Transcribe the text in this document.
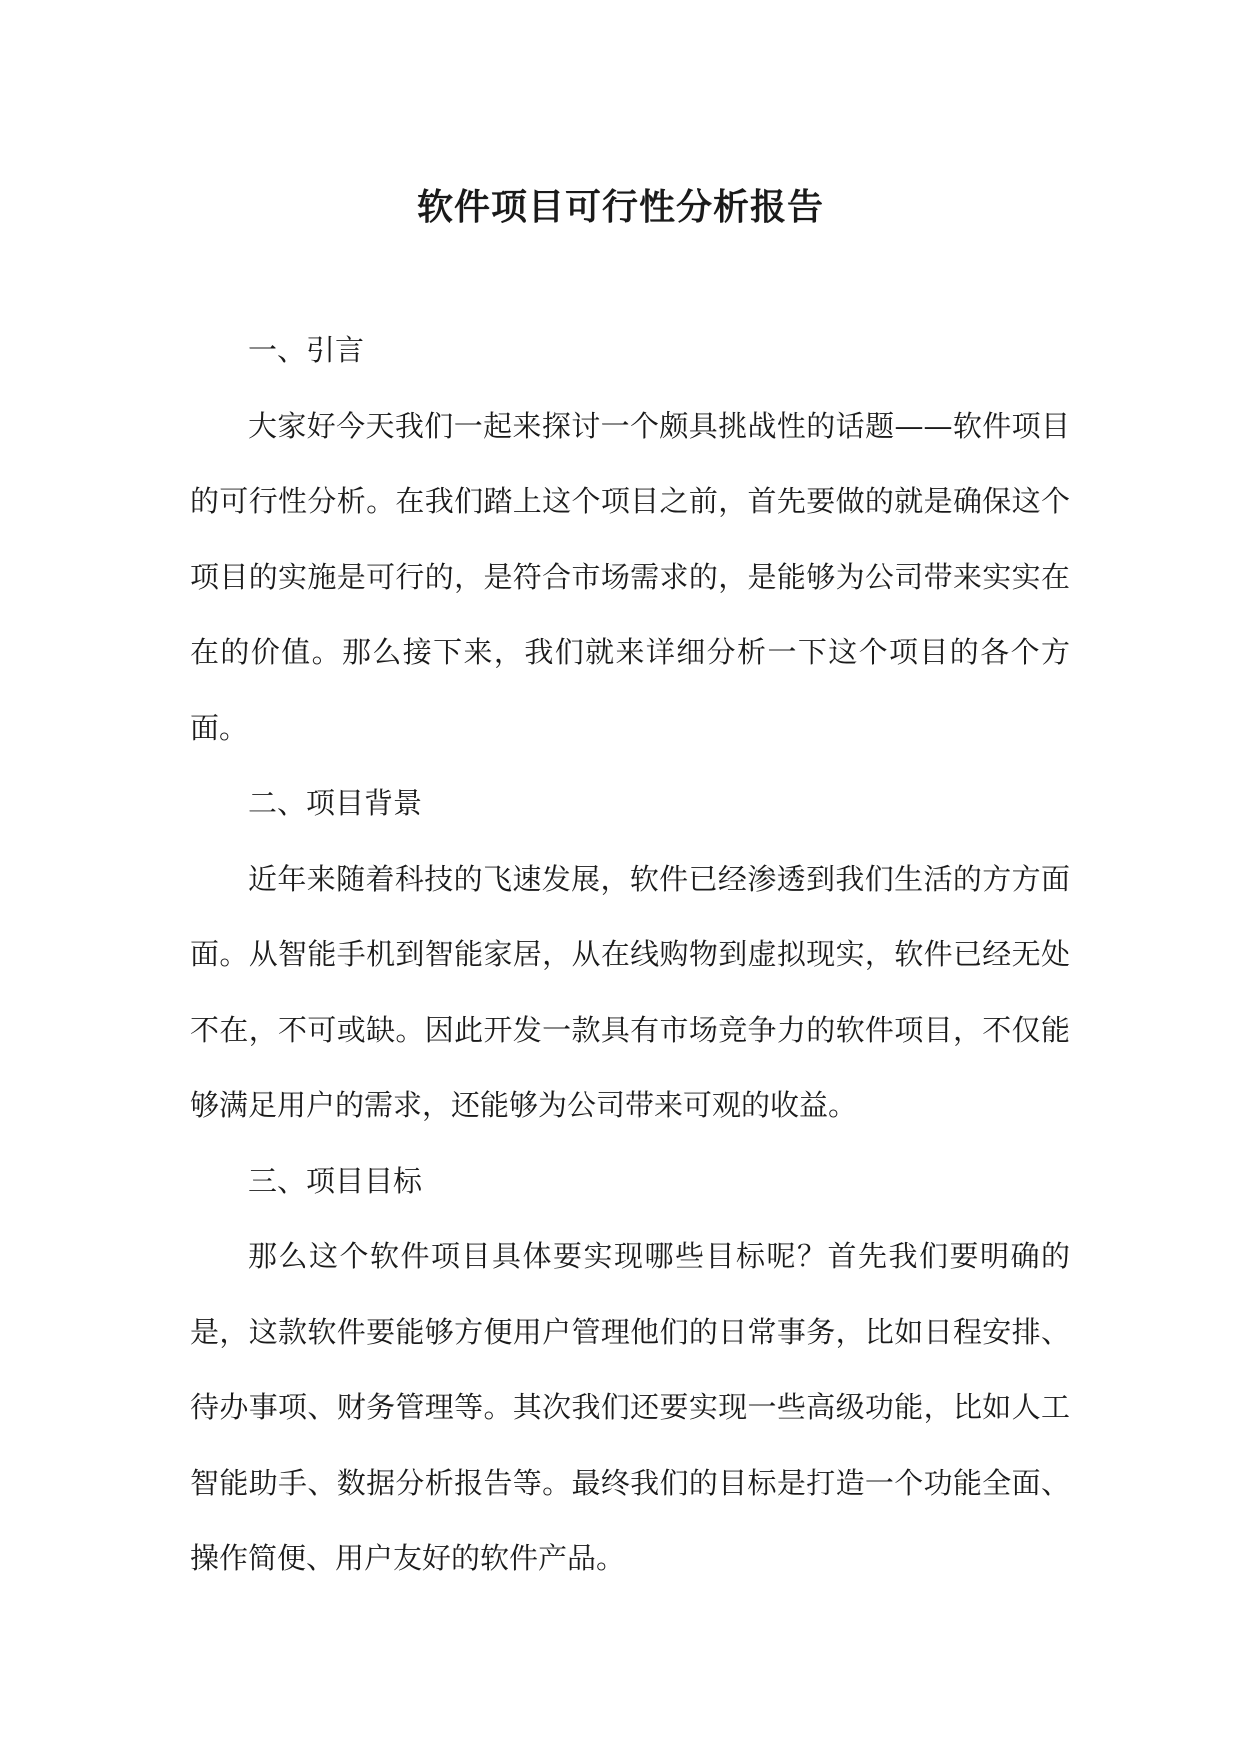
软件项目可行性分析报告

一、引言

大家好今天我们一起来探讨一个颇具挑战性的话题——软件项目的可行性分析。在我们踏上这个项目之前，首先要做的就是确保这个项目的实施是可行的，是符合市场需求的，是能够为公司带来实实在在的价值。那么接下来，我们就来详细分析一下这个项目的各个方面。

二、项目背景

近年来随着科技的飞速发展，软件已经渗透到我们生活的方方面面。从智能手机到智能家居，从在线购物到虚拟现实，软件已经无处不在，不可或缺。因此开发一款具有市场竞争力的软件项目，不仅能够满足用户的需求，还能够为公司带来可观的收益。

三、项目目标

那么这个软件项目具体要实现哪些目标呢？首先我们要明确的是，这款软件要能够方便用户管理他们的日常事务，比如日程安排、待办事项、财务管理等。其次我们还要实现一些高级功能，比如人工智能助手、数据分析报告等。最终我们的目标是打造一个功能全面、操作简便、用户友好的软件产品。
